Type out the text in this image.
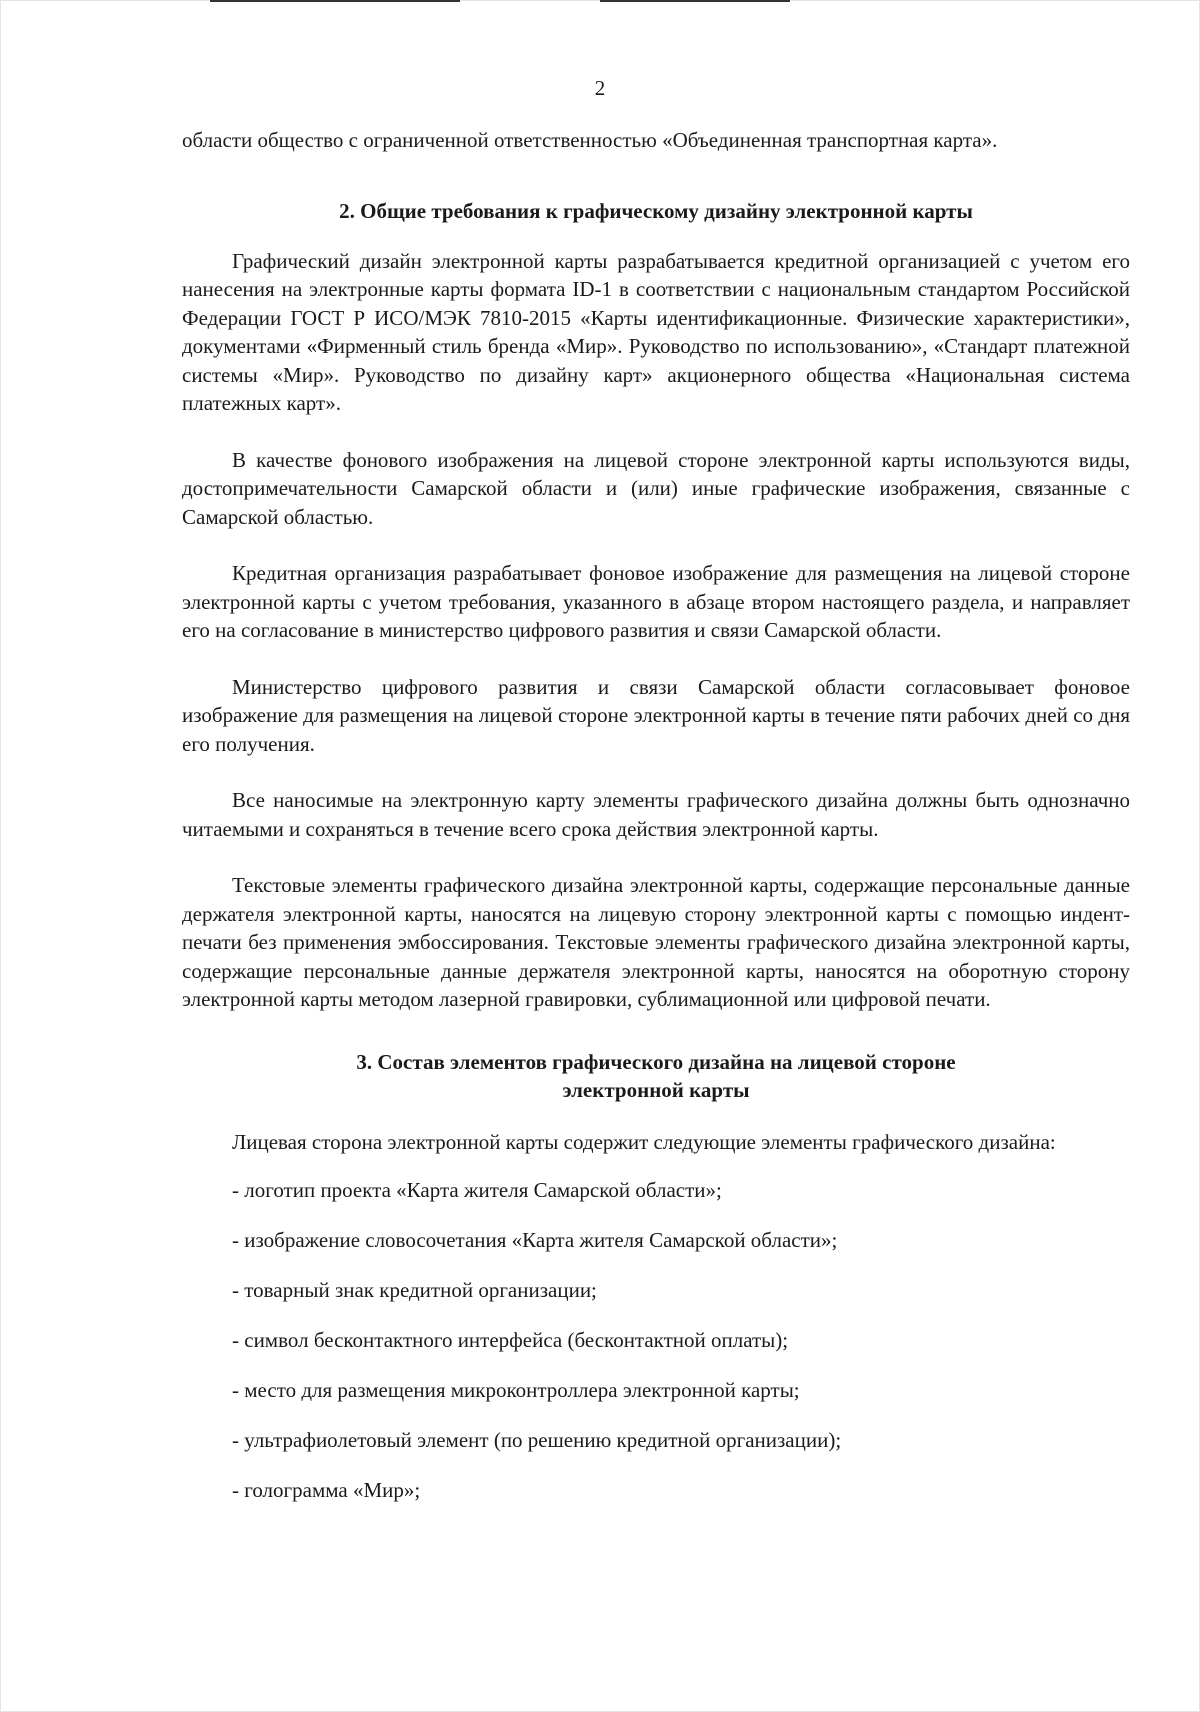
2

области общество с ограниченной ответственностью «Объединенная транспортная карта».

2. Общие требования к графическому дизайну электронной карты

Графический дизайн электронной карты разрабатывается кредитной организацией с учетом его нанесения на электронные карты формата ID-1 в соответствии с национальным стандартом Российской Федерации ГОСТ Р ИСО/МЭК 7810-2015 «Карты идентификационные. Физические характеристики», документами «Фирменный стиль бренда «Мир». Руководство по использованию», «Стандарт платежной системы «Мир». Руководство по дизайну карт» акционерного общества «Национальная система платежных карт».

В качестве фонового изображения на лицевой стороне электронной карты используются виды, достопримечательности Самарской области и (или) иные графические изображения, связанные с Самарской областью.

Кредитная организация разрабатывает фоновое изображение для размещения на лицевой стороне электронной карты с учетом требования, указанного в абзаце втором настоящего раздела, и направляет его на согласование в министерство цифрового развития и связи Самарской области.

Министерство цифрового развития и связи Самарской области согласовывает фоновое изображение для размещения на лицевой стороне электронной карты в течение пяти рабочих дней со дня его получения.

Все наносимые на электронную карту элементы графического дизайна должны быть однозначно читаемыми и сохраняться в течение всего срока действия электронной карты.

Текстовые элементы графического дизайна электронной карты, содержащие персональные данные держателя электронной карты, наносятся на лицевую сторону электронной карты с помощью индент-печати без применения эмбоссирования. Текстовые элементы графического дизайна электронной карты, содержащие персональные данные держателя электронной карты, наносятся на оборотную сторону электронной карты методом лазерной гравировки, сублимационной или цифровой печати.

3. Состав элементов графического дизайна на лицевой стороне
электронной карты

Лицевая сторона электронной карты содержит следующие элементы графического дизайна:

- логотип проекта «Карта жителя Самарской области»;
- изображение словосочетания «Карта жителя Самарской области»;
- товарный знак кредитной организации;
- символ бесконтактного интерфейса (бесконтактной оплаты);
- место для размещения микроконтроллера электронной карты;
- ультрафиолетовый элемент (по решению кредитной организации);
- голограмма «Мир»;
